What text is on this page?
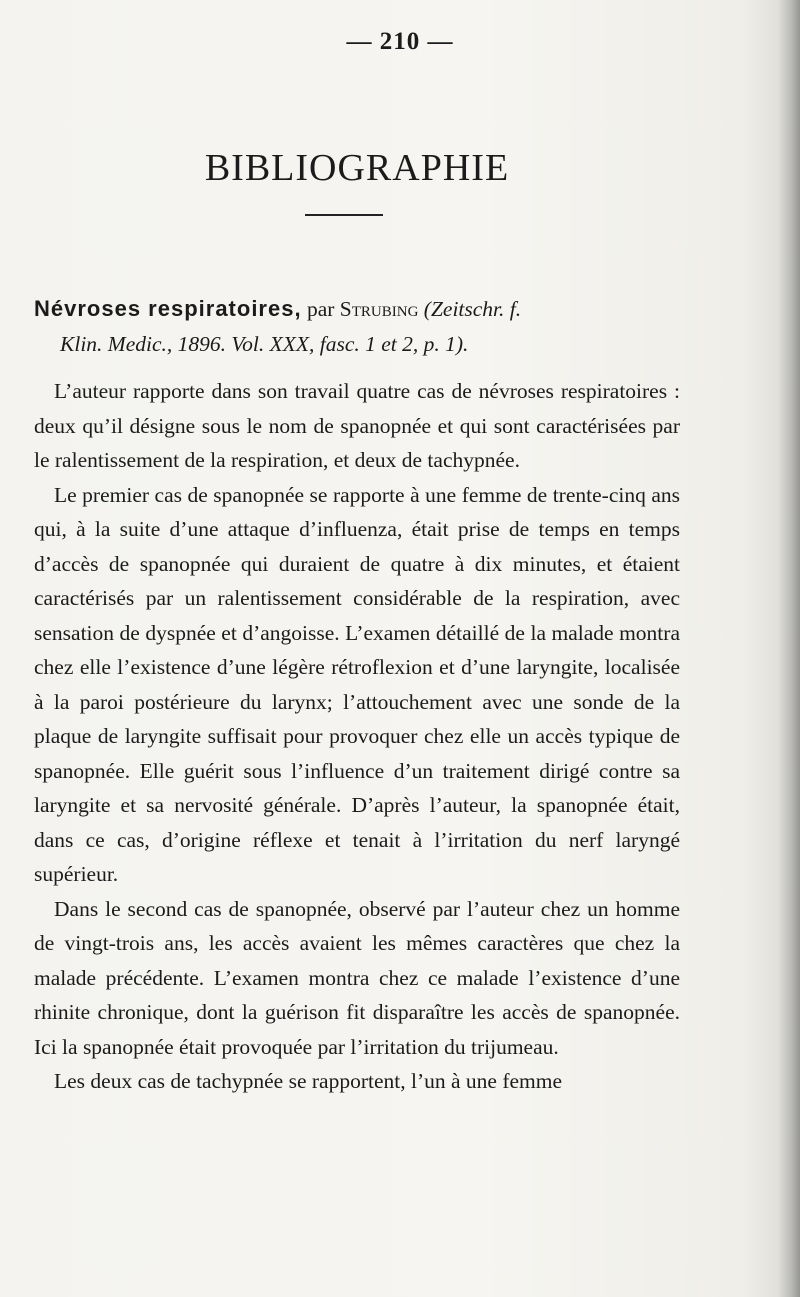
— 210 —
BIBLIOGRAPHIE
Névroses respiratoires, par Strubing (Zeitschr. f.
Klin. Medic., 1896. Vol. XXX, fasc. 1 et 2, p. 1).

L’auteur rapporte dans son travail quatre cas de névroses respiratoires : deux qu’il désigne sous le nom de spanopnée et qui sont caractérisées par le ralentissement de la respiration, et deux de tachypnée.

Le premier cas de spanopnée se rapporte à une femme de trente-cinq ans qui, à la suite d’une attaque d’influenza, était prise de temps en temps d’accès de spanopnée qui duraient de quatre à dix minutes, et étaient caractérisés par un ralentissement considérable de la respiration, avec sensation de dyspnée et d’angoisse. L’examen détaillé de la malade montra chez elle l’existence d’une légère rétroflexion et d’une laryngite, localisée à la paroi postérieure du larynx; l’attouchement avec une sonde de la plaque de laryngite suffisait pour provoquer chez elle un accès typique de spanopnée. Elle guérit sous l’influence d’un traitement dirigé contre sa laryngite et sa nervosité générale. D’après l’auteur, la spanopnée était, dans ce cas, d’origine réflexe et tenait à l’irritation du nerf laryngé supérieur.

Dans le second cas de spanopnée, observé par l’auteur chez un homme de vingt-trois ans, les accès avaient les mêmes caractères que chez la malade précédente. L’examen montra chez ce malade l’existence d’une rhinite chronique, dont la guérison fit disparaître les accès de spanopnée. Ici la spanopnée était provoquée par l’irritation du trijumeau.

Les deux cas de tachypnée se rapportent, l’un à une femme
